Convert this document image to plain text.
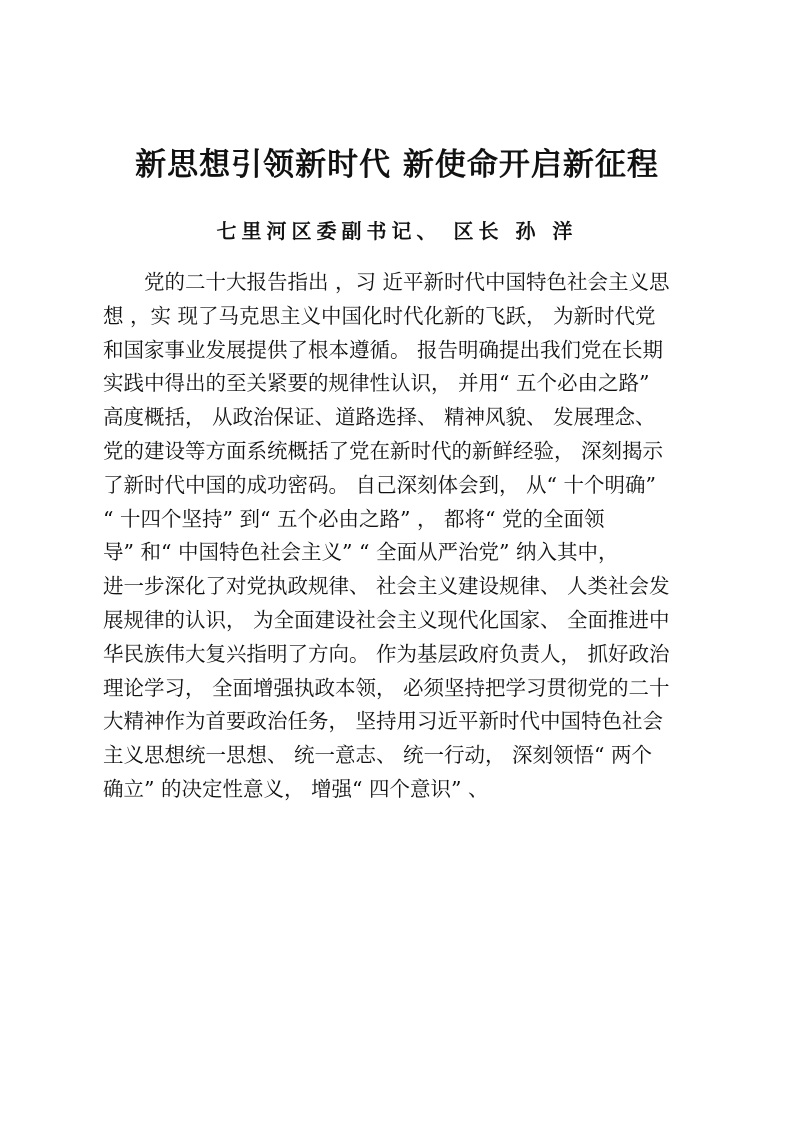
新思想引领新时代 新使命开启新征程
七里河区委副书记、 区长 孙 洋
党的二十大报告指出 ，习 近平新时代中国特色社会主义思
想 ，实 现了马克思主义中国化时代化新的飞跃， 为新时代党
和国家事业发展提供了根本遵循。 报告明确提出我们党在长期
实践中得出的至关紧要的规律性认识， 并用“ 五个必由之路”
高度概括， 从政治保证、道路选择、 精神风貌、 发展理念、
党的建设等方面系统概括了党在新时代的新鲜经验， 深刻揭示
了新时代中国的成功密码。 自己深刻体会到， 从“ 十个明确”
“ 十四个坚持” 到“ 五个必由之路” ， 都将“ 党的全面领
导” 和“ 中国特色社会主义” “ 全面从严治党” 纳入其中，
进一步深化了对党执政规律、 社会主义建设规律、 人类社会发
展规律的认识， 为全面建设社会主义现代化国家、 全面推进中
华民族伟大复兴指明了方向。 作为基层政府负责人， 抓好政治
理论学习， 全面增强执政本领， 必须坚持把学习贯彻党的二十
大精神作为首要政治任务， 坚持用习近平新时代中国特色社会
主义思想统一思想、 统一意志、 统一行动， 深刻领悟“ 两个
确立” 的决定性意义， 增强“ 四个意识” 、
